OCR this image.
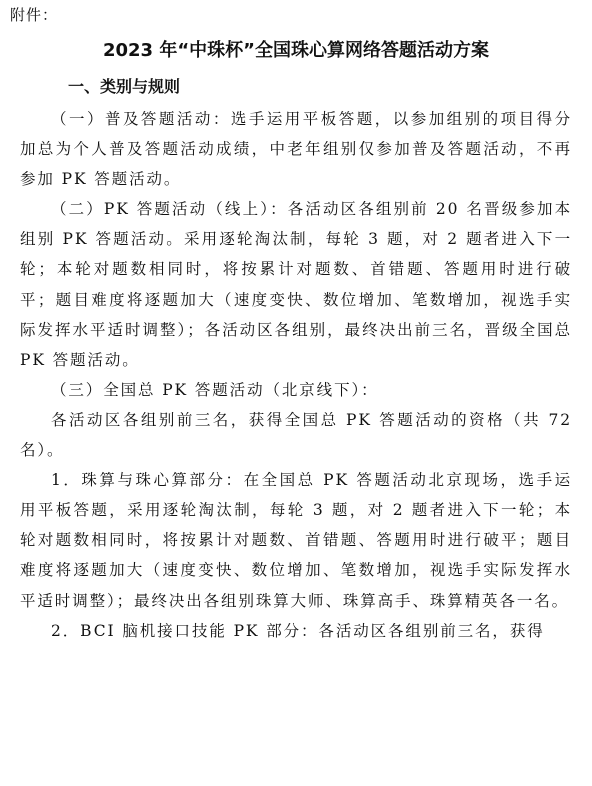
附件：

2023 年“中珠杯”全国珠心算网络答题活动方案
一、类别与规则

（一）普及答题活动：选手运用平板答题，以参加组别的项目得分加总为个人普及答题活动成绩，中老年组别仅参加普及答题活动，不再参加 PK 答题活动。

（二）PK 答题活动（线上）：各活动区各组别前 20 名晋级参加本组别 PK 答题活动。采用逐轮淘汰制，每轮 3 题，对 2 题者进入下一轮；本轮对题数相同时，将按累计对题数、首错题、答题用时进行破平；题目难度将逐题加大（速度变快、数位增加、笔数增加，视选手实际发挥水平适时调整）；各活动区各组别，最终决出前三名，晋级全国总 PK 答题活动。

（三）全国总 PK 答题活动（北京线下）：

各活动区各组别前三名，获得全国总 PK 答题活动的资格（共 72 名）。

1．珠算与珠心算部分：在全国总 PK 答题活动北京现场，选手运用平板答题，采用逐轮淘汰制，每轮 3 题，对 2 题者进入下一轮；本轮对题数相同时，将按累计对题数、首错题、答题用时进行破平；题目难度将逐题加大（速度变快、数位增加、笔数增加，视选手实际发挥水平适时调整）；最终决出各组别珠算大师、珠算高手、珠算精英各一名。

2．BCI 脑机接口技能 PK 部分：各活动区各组别前三名，获得
